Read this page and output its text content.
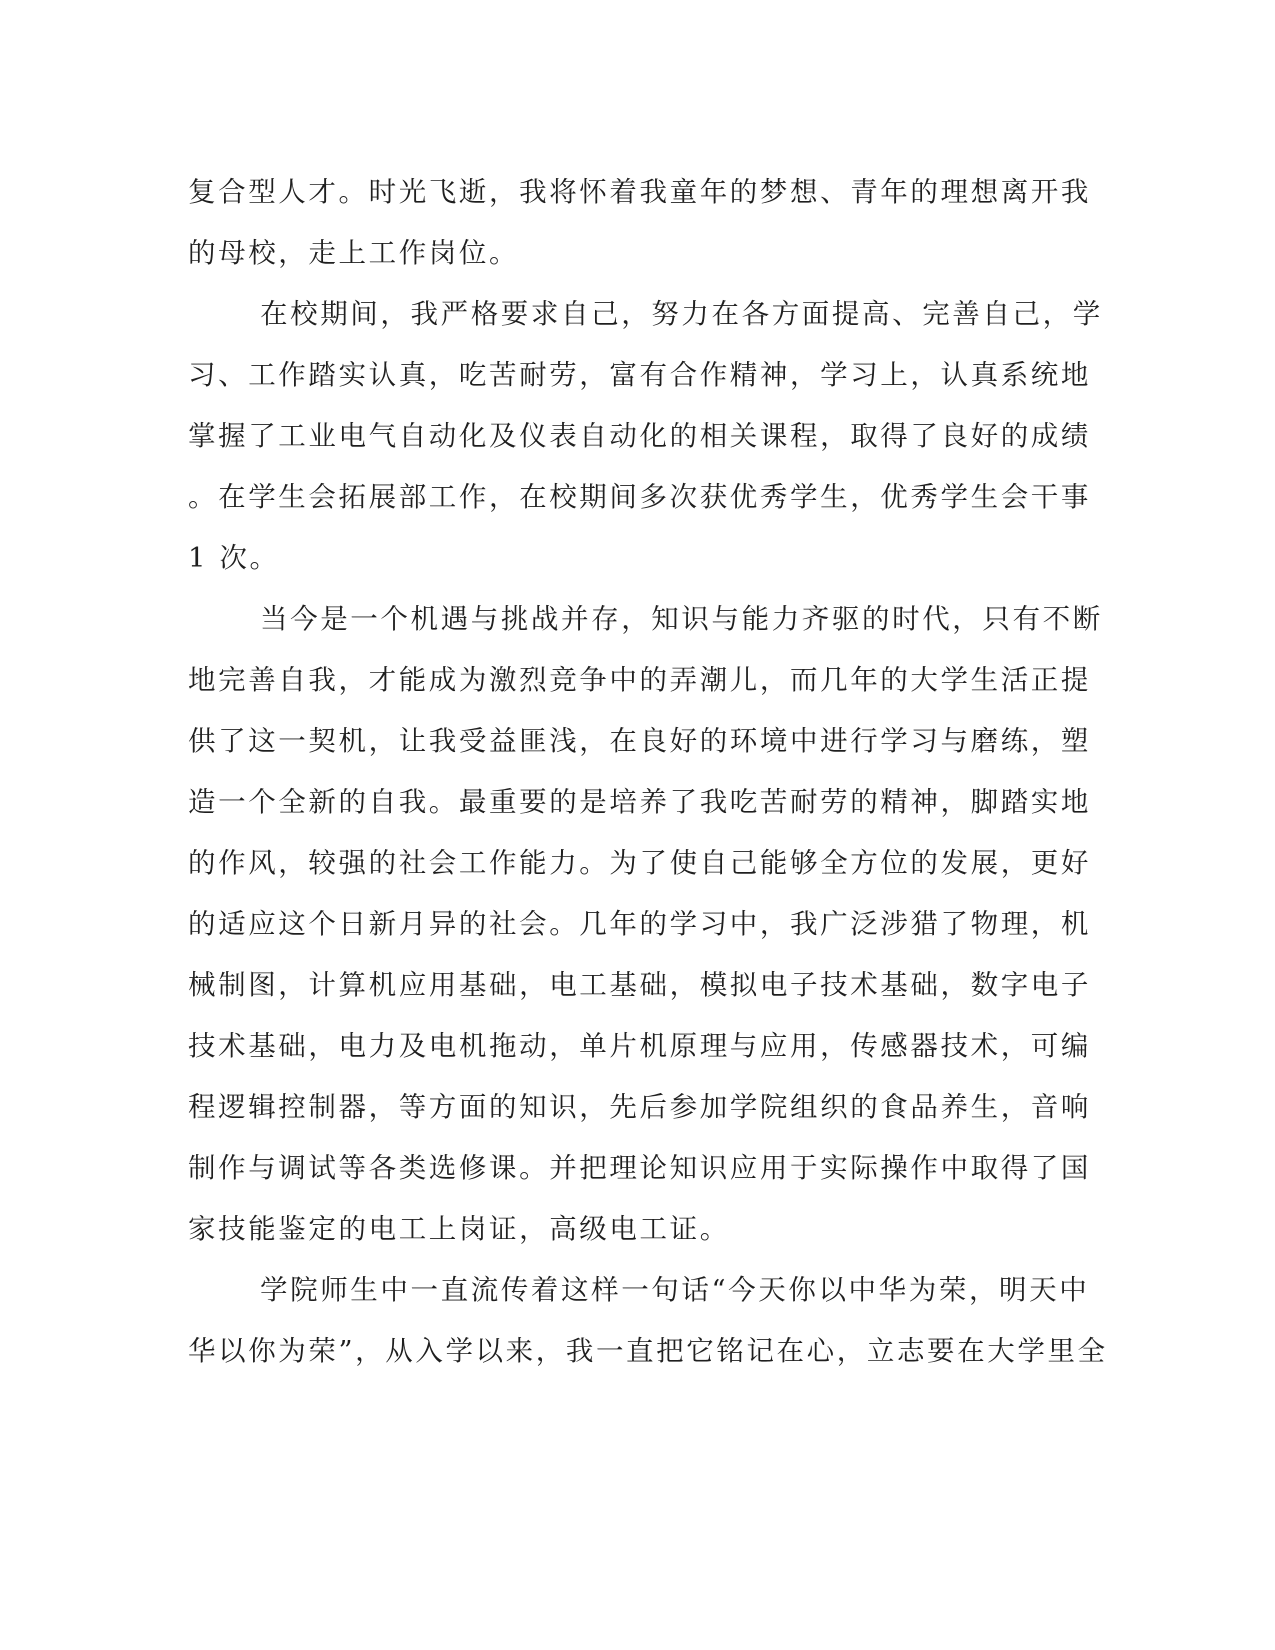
复合型人才。时光飞逝，我将怀着我童年的梦想、青年的理想离开我
的母校，走上工作岗位。
在校期间，我严格要求自己，努力在各方面提高、完善自己，学
习、工作踏实认真，吃苦耐劳，富有合作精神，学习上，认真系统地
掌握了工业电气自动化及仪表自动化的相关课程，取得了良好的成绩
。在学生会拓展部工作，在校期间多次获优秀学生，优秀学生会干事
1 次。
当今是一个机遇与挑战并存，知识与能力齐驱的时代，只有不断
地完善自我，才能成为激烈竞争中的弄潮儿，而几年的大学生活正提
供了这一契机，让我受益匪浅，在良好的环境中进行学习与磨练，塑
造一个全新的自我。最重要的是培养了我吃苦耐劳的精神，脚踏实地
的作风，较强的社会工作能力。为了使自己能够全方位的发展，更好
的适应这个日新月异的社会。几年的学习中，我广泛涉猎了物理，机
械制图，计算机应用基础，电工基础，模拟电子技术基础，数字电子
技术基础，电力及电机拖动，单片机原理与应用，传感器技术，可编
程逻辑控制器，等方面的知识，先后参加学院组织的食品养生，音响
制作与调试等各类选修课。并把理论知识应用于实际操作中取得了国
家技能鉴定的电工上岗证，高级电工证。
学院师生中一直流传着这样一句话“今天你以中华为荣，明天中
华以你为荣”，从入学以来，我一直把它铭记在心，立志要在大学里全
